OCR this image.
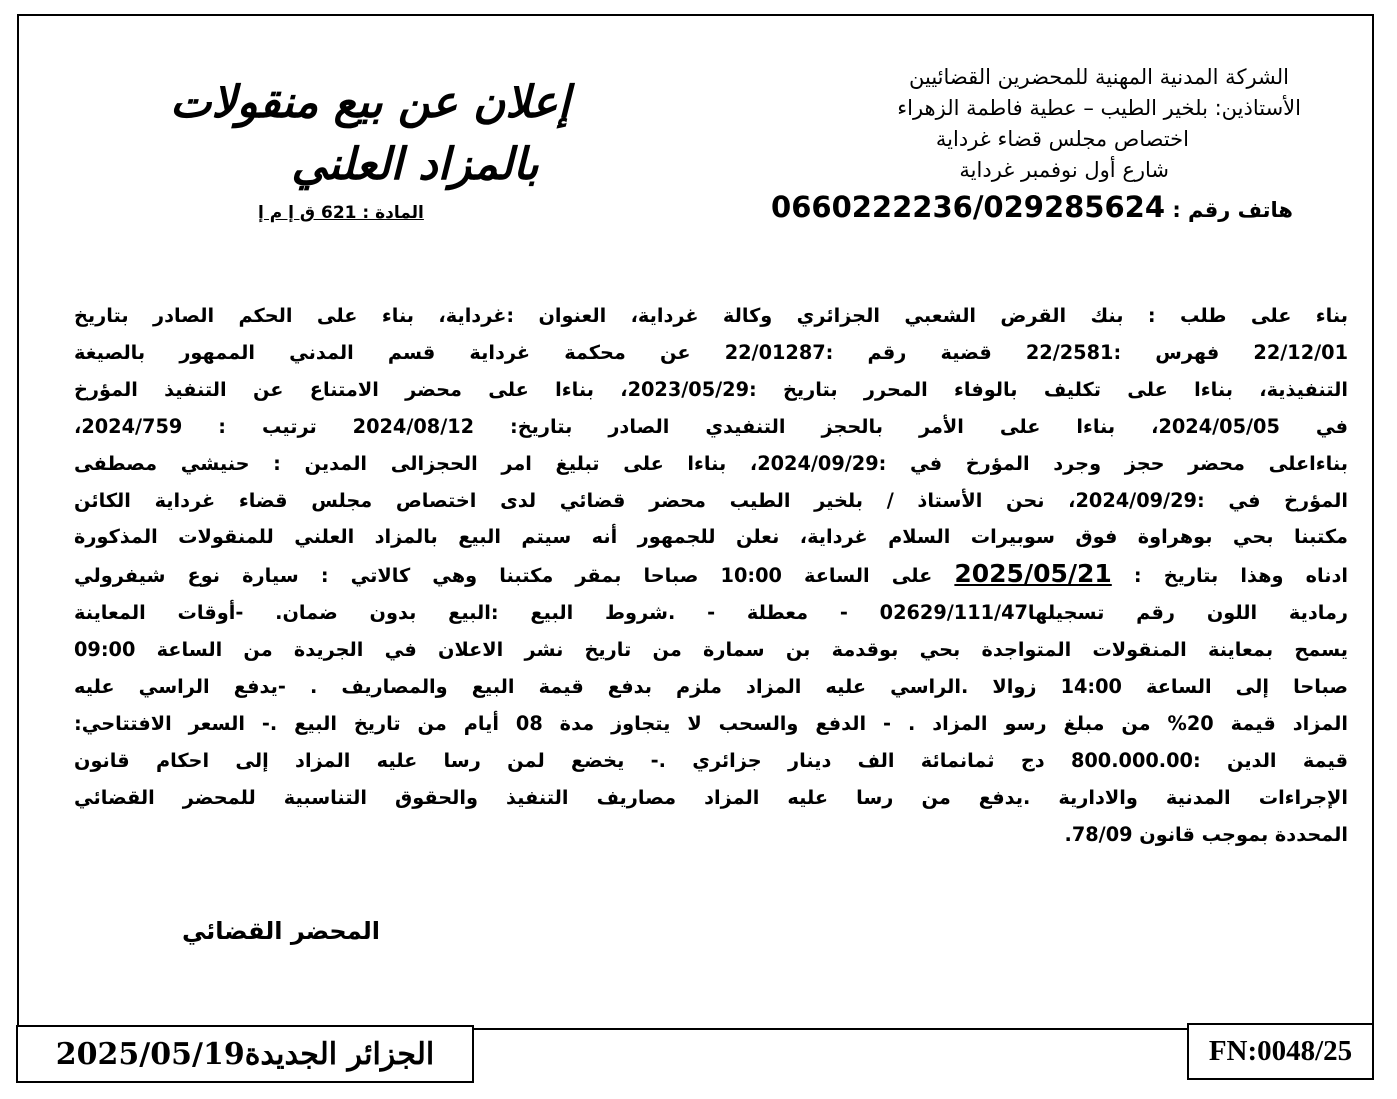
الشركة المدنية المهنية للمحضرين القضائيين
الأستاذين: بلخير الطيب – عطية فاطمة الزهراء
اختصاص مجلس قضاء غرداية
شارع أول نوفمبر غرداية
هاتف رقم : 0660222236/029285624
إعلان عن بيع منقولات
بالمزاد العلني
المادة : 621 ق إ م إ
بناء على طلب : بنك القرض الشعبي الجزائري وكالة غرداية، العنوان :غرداية، بناء على الحكم الصادر بتاريخ
22/12/01 فهرس :22/2581 قضية رقم :22/01287 عن محكمة غرداية قسم المدني الممهور بالصيغة
التنفيذية، بناءا على تكليف بالوفاء المحرر بتاريخ :2023/05/29، بناءا على محضر الامتناع عن التنفيذ المؤرخ
في 2024/05/05، بناءا على الأمر بالحجز التنفيدي الصادر بتاريخ: 2024/08/12 ترتيب : 2024/759،
بناءاعلى محضر حجز وجرد المؤرخ في :2024/09/29، بناءا على تبليغ امر الحجزالى المدين : حنيشي مصطفى
المؤرخ في :2024/09/29، نحن الأستاذ / بلخير الطيب محضر قضائي لدى اختصاص مجلس قضاء غرداية الكائن
مكتبنا بحي بوهراوة فوق سوبيرات السلام غرداية، نعلن للجمهور أنه سيتم البيع بالمزاد العلني للمنقولات المذكورة
ادناه وهذا بتاريخ : 2025/05/21 على الساعة 10:00 صباحا بمقر مكتبنا وهي كالاتي : سيارة نوع شيفرولي
رمادية اللون رقم تسجيلها02629/111/47 - معطلة - .شروط البيع :البيع بدون ضمان. -أوقات المعاينة
يسمح بمعاينة المنقولات المتواجدة بحي بوقدمة بن سمارة من تاريخ نشر الاعلان في الجريدة من الساعة 09:00
صباحا إلى الساعة 14:00 زوالا .الراسي عليه المزاد ملزم بدفع قيمة البيع والمصاريف . -يدفع الراسي عليه
المزاد قيمة 20% من مبلغ رسو المزاد . - الدفع والسحب لا يتجاوز مدة 08 أيام من تاريخ البيع .- السعر الافتتاحي:
قيمة الدين :800.000.00 دج ثمانمائة الف دينار جزائري .- يخضع لمن رسا عليه المزاد إلى احكام قانون
الإجراءات المدنية والادارية .يدفع من رسا عليه المزاد مصاريف التنفيذ والحقوق التناسبية للمحضر القضائي
المحددة بموجب قانون 78/09.
المحضر القضائي
الجزائر الجديدة2025/05/19	FN:0048/25
